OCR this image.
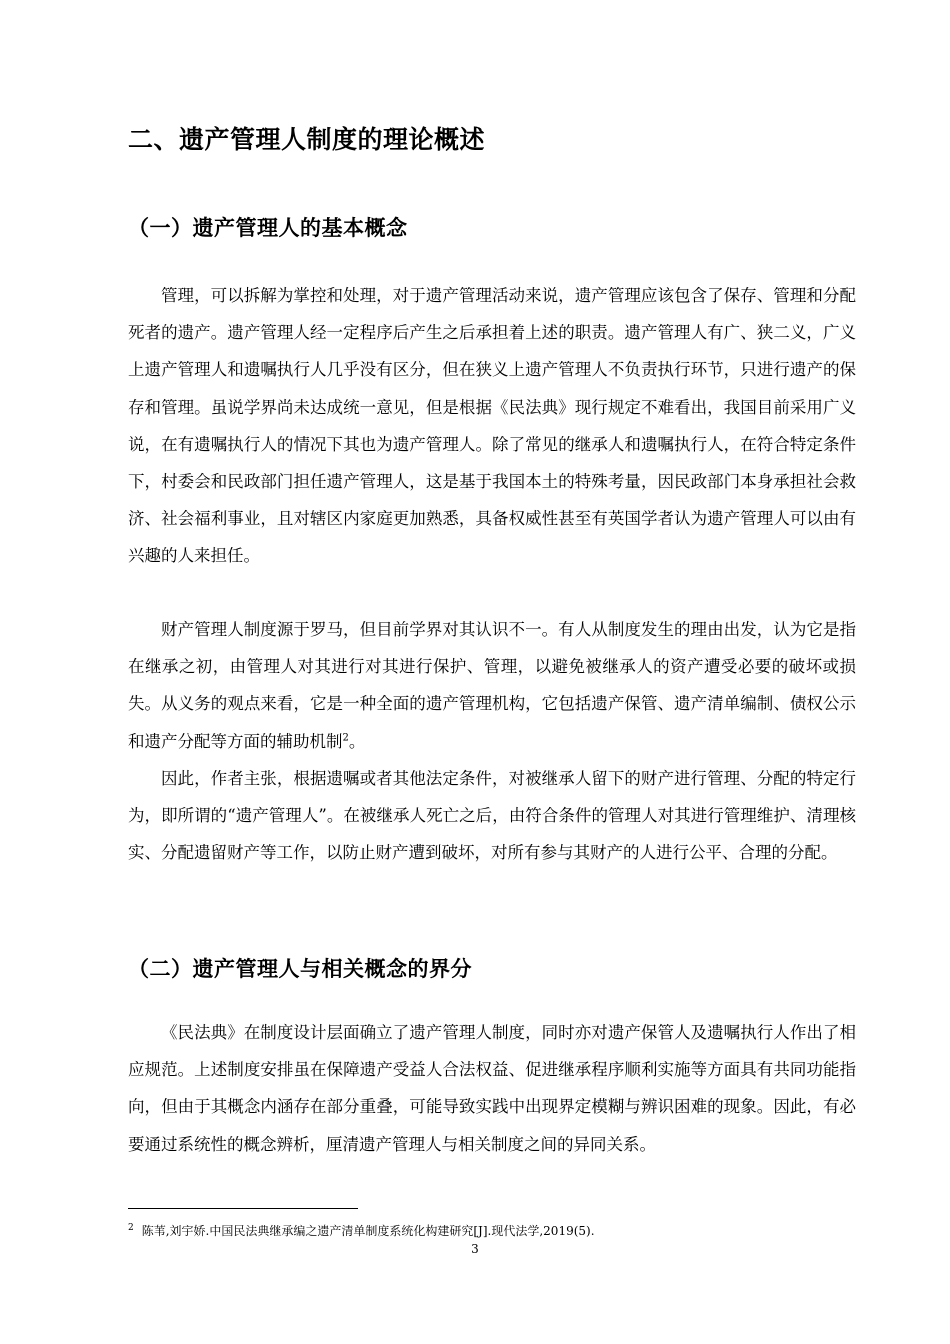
二、遗产管理人制度的理论概述
（一）遗产管理人的基本概念

管理，可以拆解为掌控和处理，对于遗产管理活动来说，遗产管理应该包含了保存、管理和分配死者的遗产。遗产管理人经一定程序后产生之后承担着上述的职责。遗产管理人有广、狭二义，广义上遗产管理人和遗嘱执行人几乎没有区分，但在狭义上遗产管理人不负责执行环节，只进行遗产的保存和管理。虽说学界尚未达成统一意见，但是根据《民法典》现行规定不难看出，我国目前采用广义说，在有遗嘱执行人的情况下其也为遗产管理人。除了常见的继承人和遗嘱执行人，在符合特定条件下，村委会和民政部门担任遗产管理人，这是基于我国本土的特殊考量，因民政部门本身承担社会救济、社会福利事业，且对辖区内家庭更加熟悉，具备权威性甚至有英国学者认为遗产管理人可以由有兴趣的人来担任。

财产管理人制度源于罗马，但目前学界对其认识不一。有人从制度发生的理由出发，认为它是指在继承之初，由管理人对其进行对其进行保护、管理，以避免被继承人的资产遭受必要的破坏或损失。从义务的观点来看，它是一种全面的遗产管理机构，它包括遗产保管、遗产清单编制、债权公示和遗产分配等方面的辅助机制$^2$。

因此，作者主张，根据遗嘱或者其他法定条件，对被继承人留下的财产进行管理、分配的特定行为，即所谓的“遗产管理人”。在被继承人死亡之后，由符合条件的管理人对其进行管理维护、清理核实、分配遗留财产等工作，以防止财产遭到破坏，对所有参与其财产的人进行公平、合理的分配。

（二）遗产管理人与相关概念的界分

《民法典》在制度设计层面确立了遗产管理人制度，同时亦对遗产保管人及遗嘱执行人作出了相应规范。上述制度安排虽在保障遗产受益人合法权益、促进继承程序顺利实施等方面具有共同功能指向，但由于其概念内涵存在部分重叠，可能导致实践中出现界定模糊与辨识困难的现象。因此，有必要通过系统性的概念辨析，厘清遗产管理人与相关制度之间的异同关系。

$^2$ 陈苇,刘宇娇.中国民法典继承编之遗产清单制度系统化构建研究[J].现代法学,2019(5).

3
